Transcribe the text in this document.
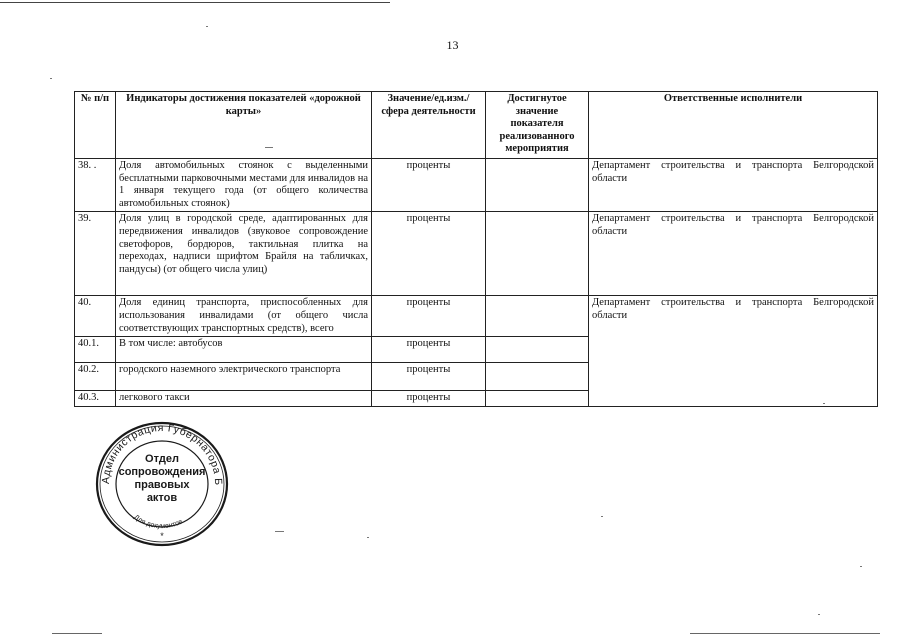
13
№ п/п	Индикаторы достижения показателей «дорожной карты»	Значение/ед.изм./ сфера деятельности	Достигнутое значение показателя реализованного мероприятия	Ответственные исполнители
38. .	Доля автомобильных стоянок с выделенными бесплатными парковочными местами для инвалидов на 1 января текущего года (от общего количества автомобильных стоянок)	проценты		Департамент строительства и транспорта Белгородской области
39.	Доля улиц в городской среде, адаптированных для передвижения инвалидов (звуковое сопровождение светофоров, бордюров, тактильная плитка на переходах, надписи шрифтом Брайля на табличках, пандусы) (от общего числа улиц)	проценты		Департамент строительства и транспорта Белгородской области
40.	Доля единиц транспорта, приспособленных для использования инвалидами (от общего числа соответствующих транспортных средств), всего	проценты		Департамент строительства и транспорта Белгородской области
40.1.	В том числе: автобусов	проценты		
40.2.	городского наземного электрического транспорта	проценты		
40.3.	легкового такси	проценты		
Администрация Губернатора Б
Для документов
Отдел
сопровождения
правовых
актов
*
